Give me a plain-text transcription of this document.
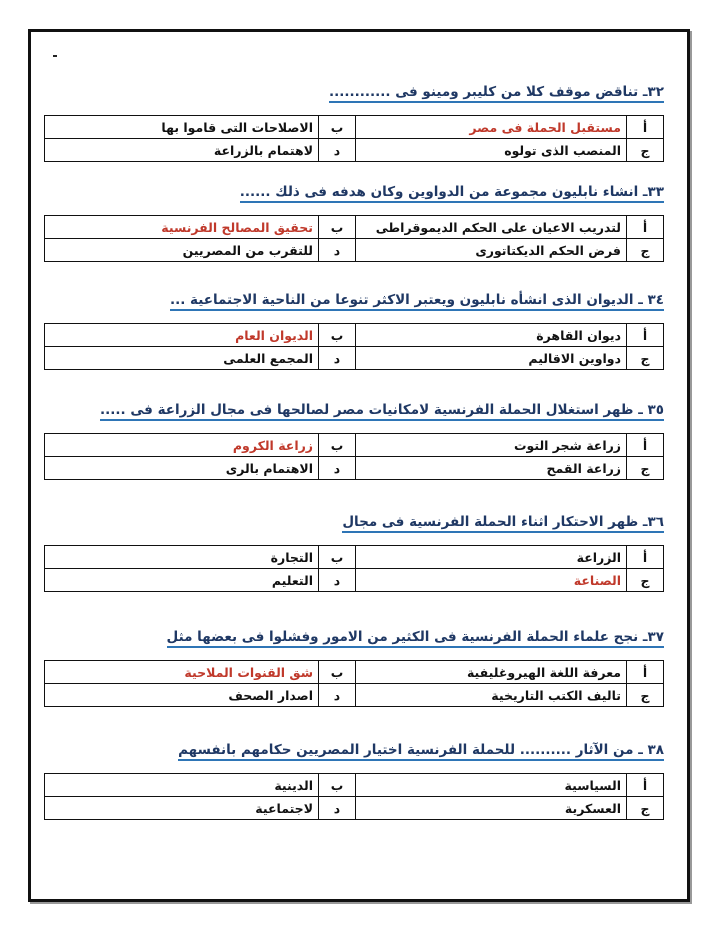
٣٢ـ تناقض موقف كلا من كليبر ومينو فى ............
أ	مستقبل الحملة فى مصر	ب	الاصلاحات التى قاموا بها
ج	المنصب الذى تولوه	د	لاهتمام بالزراعة
٣٣ـ انشاء نابليون مجموعة من الدواوين وكان هدفه فى ذلك ......
أ	لتدريب الاعيان على الحكم الديموقراطى	ب	تحقيق المصالح الفرنسية
ج	فرض الحكم الديكتاتورى	د	للتقرب من المصريين
٣٤ ـ الديوان الذى انشأه نابليون ويعتبر الاكثر تنوعا من الناحية الاجتماعية ...
أ	ديوان القاهرة	ب	الديوان العام
ج	دواوين الاقاليم	د	المجمع العلمى
٣٥ ـ ظهر استغلال الحملة الفرنسية لامكانيات مصر لصالحها فى مجال الزراعة فى .....
أ	زراعة شجر التوت	ب	زراعة الكروم
ج	زراعة القمح	د	الاهتمام بالرى
٣٦ـ ظهر الاحتكار اثناء الحملة الفرنسية فى مجال
أ	الزراعة	ب	التجارة
ج	الصناعة	د	التعليم
٣٧ـ نجح علماء الحملة الفرنسية فى الكثير من الامور وفشلوا فى بعضها مثل
أ	معرفة اللغة الهيروغليفية	ب	شق القنوات الملاحية
ج	تاليف الكتب التاريخية	د	اصدار الصحف
٣٨ ـ من الآثار .......... للحملة الفرنسية اختيار المصريين حكامهم بانفسهم
أ	السياسية	ب	الدينية
ج	العسكرية	د	لاجتماعية
